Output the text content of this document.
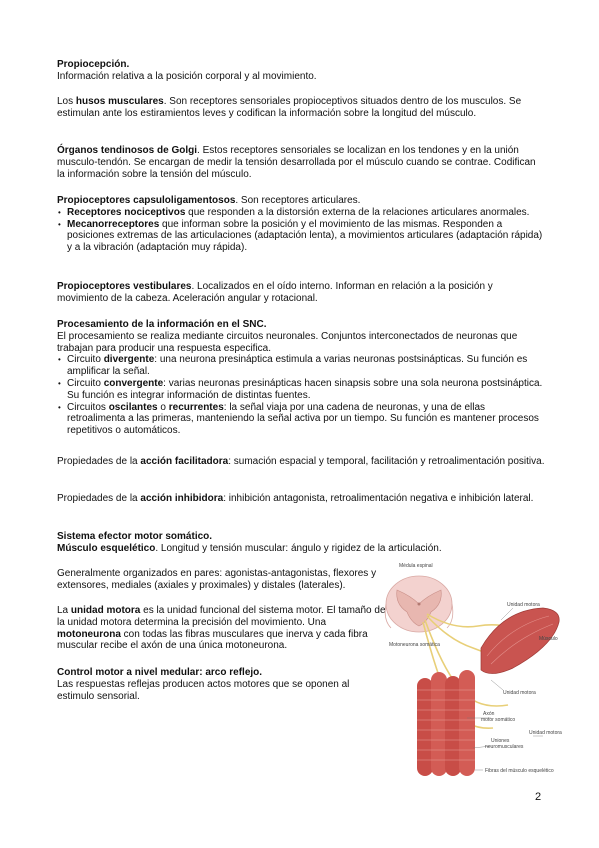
Propiocepción.

Información relativa a la posición corporal y al movimiento.

Los husos musculares. Son receptores sensoriales propioceptivos situados dentro de los musculos. Se estimulan ante los estiramientos leves y codifican la información sobre la longitud del músculo.

Órganos tendinosos de Golgi. Estos receptores sensoriales se localizan en los tendones y en la unión musculo-tendón. Se encargan de medir la tensión desarrollada por el músculo cuando se contrae. Codifican la información sobre la tensión del músculo.

Propioceptores capsuloligamentosos. Son receptores articulares.

• Receptores nociceptivos que responden a la distorsión externa de la relaciones articulares anormales.
• Mecanorreceptores que informan sobre la posición y el movimiento de las mismas. Responden a posiciones extremas de las articulaciones (adaptación lenta), a movimientos articulares (adaptación rápida) y a la vibración (adaptación muy rápida).

Propioceptores vestibulares. Localizados en el oído interno. Informan en relación a la posición y movimiento de la cabeza. Aceleración angular y rotacional.

Procesamiento de la información en el SNC.

El procesamiento se realiza mediante circuitos neuronales. Conjuntos interconectados de neuronas que trabajan para producir una respuesta especifica.

• Circuito divergente: una neurona presináptica estimula a varias neuronas postsinápticas. Su función es amplificar la señal.
• Circuito convergente: varias neuronas presinápticas hacen sinapsis sobre una sola neurona postsináptica. Su función es integrar información de distintas fuentes.
• Circuitos oscilantes o recurrentes: la señal viaja por una cadena de neuronas, y una de ellas retroalimenta a las primeras, manteniendo la señal activa por un tiempo. Su función es mantener procesos repetitivos o automáticos.

Propiedades de la acción facilitadora: sumación espacial y temporal, facilitación y retroalimentación positiva.

Propiedades de la acción inhibidora: inhibición antagonista, retroalimentación negativa e inhibición lateral.

Sistema efector motor somático.

Músculo esquelético. Longitud y tensión muscular: ángulo y rigidez de la articulación.

Generalmente organizados en pares: agonistas-antagonistas, flexores y extensores, mediales (axiales y proximales) y distales (laterales).

La unidad motora es la unidad funcional del sistema motor. El tamaño de la unidad motora determina la precisión del movimiento. Una motoneurona con todas las fibras musculares que inerva y cada fibra muscular recibe el axón de una única motoneurona.

Control motor a nivel medular: arco reflejo.

Las respuestas reflejas producen actos motores que se oponen al estimulo sensorial.

Médula espinal
Unidad motora
Músculo
Motoneurona somática
Unidad motora
Axón
motor somático
Unidad motora
Uniones
neuromusculares
Fibras del músculo esquelético
2
